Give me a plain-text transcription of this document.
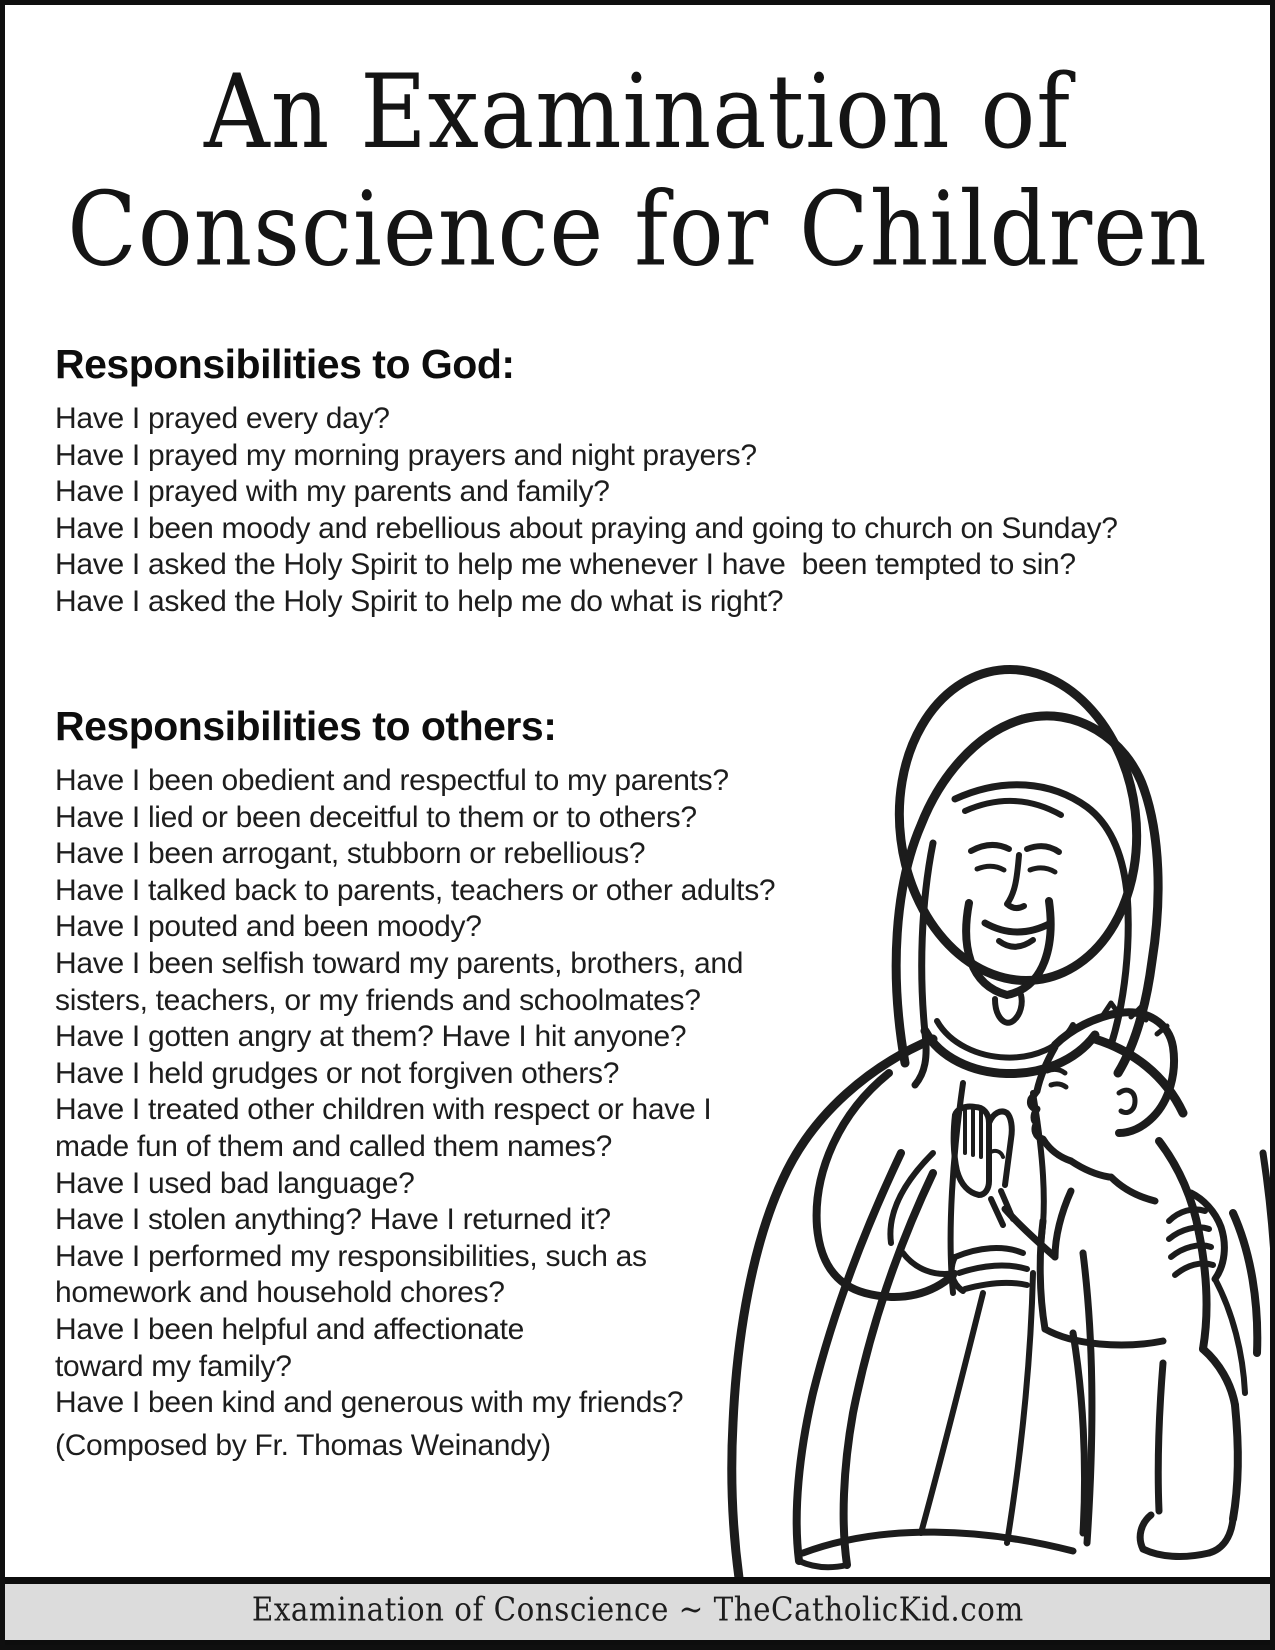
An Examination of
Conscience for Children
Responsibilities to God:
Have I prayed every day?
Have I prayed my morning prayers and night prayers?
Have I prayed with my parents and family?
Have I been moody and rebellious about praying and going to church on Sunday?
Have I asked the Holy Spirit to help me whenever I have  been tempted to sin?
Have I asked the Holy Spirit to help me do what is right?
Responsibilities to others:
Have I been obedient and respectful to my parents?
Have I lied or been deceitful to them or to others?
Have I been arrogant, stubborn or rebellious?
Have I talked back to parents, teachers or other adults?
Have I pouted and been moody?
Have I been selfish toward my parents, brothers, and
sisters, teachers, or my friends and schoolmates?
Have I gotten angry at them? Have I hit anyone?
Have I held grudges or not forgiven others?
Have I treated other children with respect or have I
made fun of them and called them names?
Have I used bad language?
Have I stolen anything? Have I returned it?
Have I performed my responsibilities, such as
homework and household chores?
Have I been helpful and affectionate
toward my family?
Have I been kind and generous with my friends?
(Composed by Fr. Thomas Weinandy)
Examination of Conscience ~ TheCatholicKid.com
